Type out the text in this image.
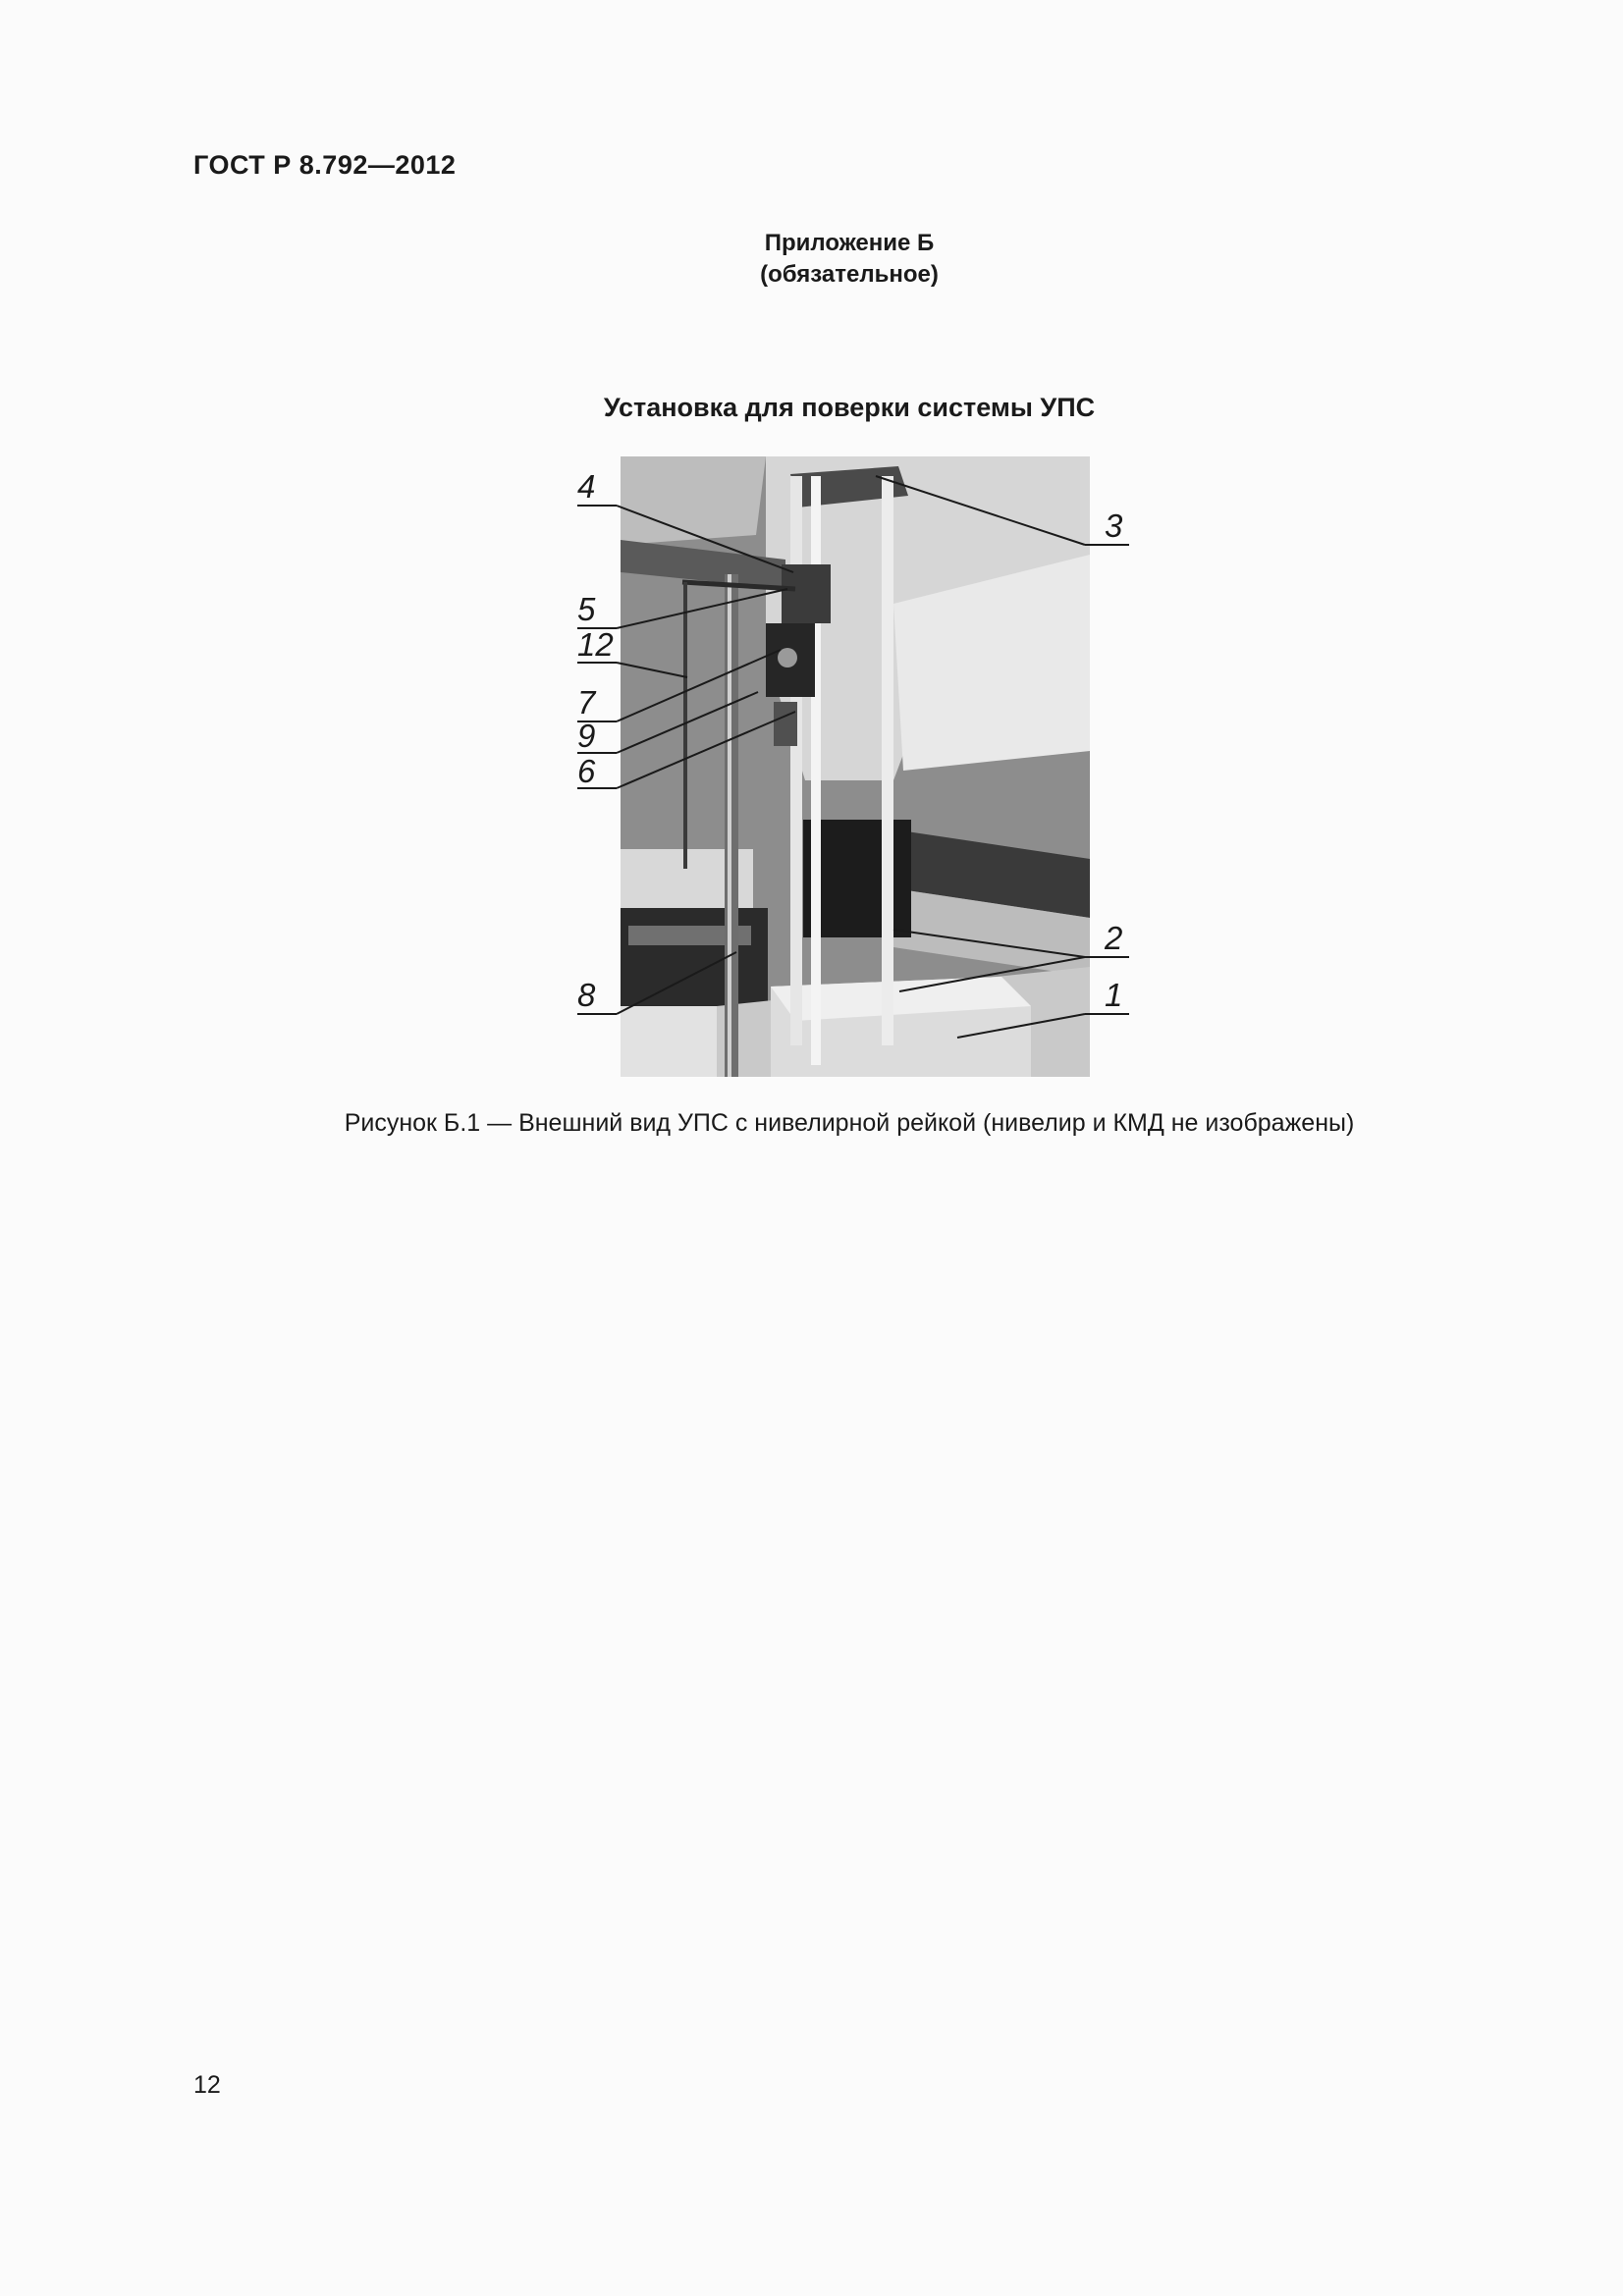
ГОСТ Р 8.792—2012
Приложение Б
(обязательное)
Установка для поверки системы УПС
4
5
12
7
9
6
8
3
2
1
Рисунок Б.1 — Внешний вид УПС с нивелирной рейкой (нивелир и КМД не изображены)
12
